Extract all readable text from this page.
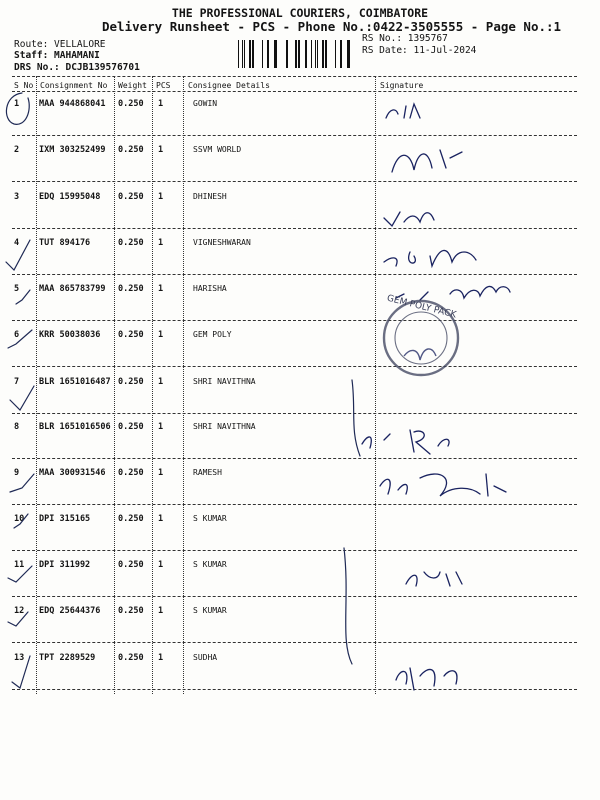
THE PROFESSIONAL COURIERS, COIMBATORE
Delivery Runsheet - PCS - Phone No.:0422-3505555 - Page No.:1
Route: VELLALORE
Staff: MAHAMANI
DRS No.: DCJB139576701
RS No.: 1395767
RS Date: 11-Jul-2024
S No Consignment No Weight PCS Consignee Details	Signature
1 MAA 944868041 0.250 1	GOWIN
2 IXM 303252499 0.250 1	SSVM WORLD
3 EDQ 15995048 0.250 1	DHINESH
4 TUT 894176	0.250 1	VIGNESHWARAN
5 MAA 865783799 0.250 1	HARISHA
6 KRR 50038036 0.250 1	GEM POLY
7 BLR 1651016487 0.250 1	SHRI NAVITHNA
8 BLR 1651016506 0.250 1	SHRI NAVITHNA
9 MAA 300931546 0.250 1	RAMESH
10 DPI 315165	0.250 1	S KUMAR
11 DPI 311992	0.250 1	S KUMAR
12 EDQ 25644376 0.250 1	S KUMAR
13 TPT 2289529	0.250 1	SUDHA
GEM POLY PACK
